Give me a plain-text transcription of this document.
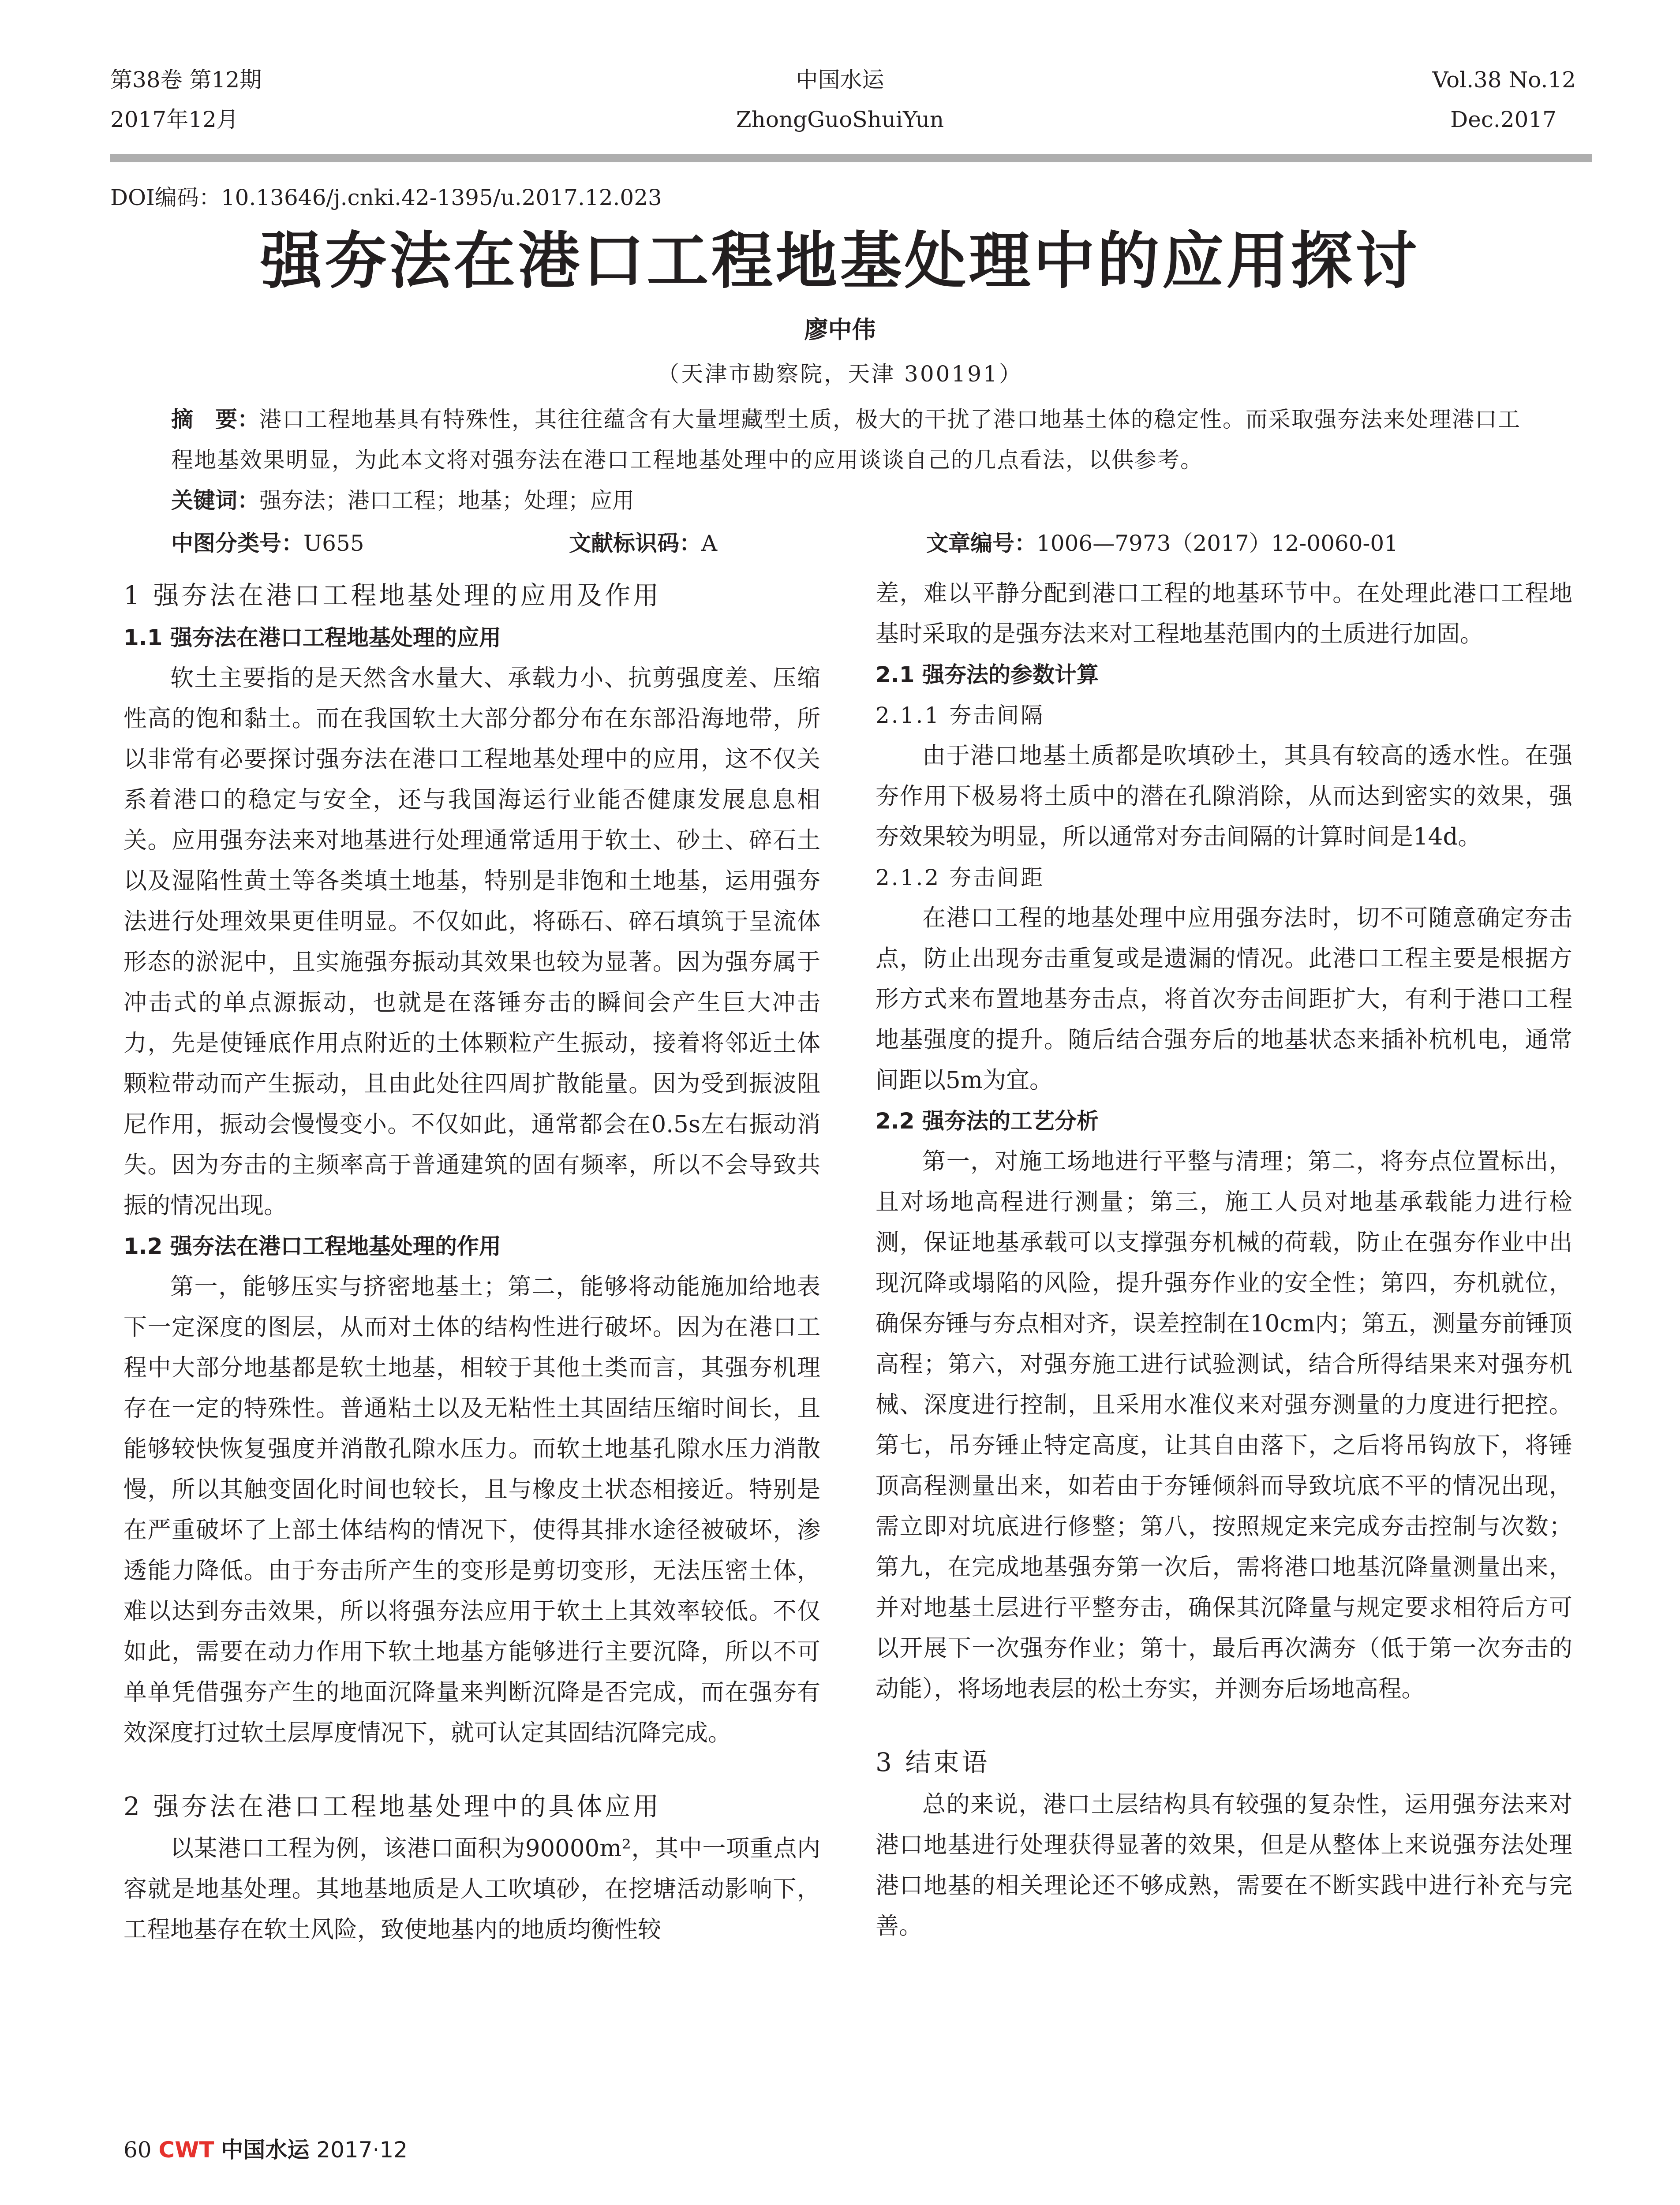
第38卷 第12期
2017年12月
中国水运
ZhongGuoShuiYun
Vol.38 No.12
Dec.2017
DOI编码：10.13646/j.cnki.42-1395/u.2017.12.023
强夯法在港口工程地基处理中的应用探讨
廖中伟
（天津市勘察院，天津 300191）
摘　要：港口工程地基具有特殊性，其往往蕴含有大量埋藏型土质，极大的干扰了港口地基土体的稳定性。而采取强夯法来处理港口工程地基效果明显，为此本文将对强夯法在港口工程地基处理中的应用谈谈自己的几点看法，以供参考。
关键词：强夯法；港口工程；地基；处理；应用
中图分类号：U655	文献标识码：A	文章编号：1006—7973（2017）12-0060-01
1 强夯法在港口工程地基处理的应用及作用
1.1 强夯法在港口工程地基处理的应用

软土主要指的是天然含水量大、承载力小、抗剪强度差、压缩性高的饱和黏土。而在我国软土大部分都分布在东部沿海地带，所以非常有必要探讨强夯法在港口工程地基处理中的应用，这不仅关系着港口的稳定与安全，还与我国海运行业能否健康发展息息相关。应用强夯法来对地基进行处理通常适用于软土、砂土、碎石土以及湿陷性黄土等各类填土地基，特别是非饱和土地基，运用强夯法进行处理效果更佳明显。不仅如此，将砾石、碎石填筑于呈流体形态的淤泥中，且实施强夯振动其效果也较为显著。因为强夯属于冲击式的单点源振动，也就是在落锤夯击的瞬间会产生巨大冲击力，先是使锤底作用点附近的土体颗粒产生振动，接着将邻近土体颗粒带动而产生振动，且由此处往四周扩散能量。因为受到振波阻尼作用，振动会慢慢变小。不仅如此，通常都会在0.5s左右振动消失。因为夯击的主频率高于普通建筑的固有频率，所以不会导致共振的情况出现。

1.2 强夯法在港口工程地基处理的作用

第一，能够压实与挤密地基土；第二，能够将动能施加给地表下一定深度的图层，从而对土体的结构性进行破坏。因为在港口工程中大部分地基都是软土地基，相较于其他土类而言，其强夯机理存在一定的特殊性。普通粘土以及无粘性土其固结压缩时间长，且能够较快恢复强度并消散孔隙水压力。而软土地基孔隙水压力消散慢，所以其触变固化时间也较长，且与橡皮土状态相接近。特别是在严重破坏了上部土体结构的情况下，使得其排水途径被破坏，渗透能力降低。由于夯击所产生的变形是剪切变形，无法压密土体，难以达到夯击效果，所以将强夯法应用于软土上其效率较低。不仅如此，需要在动力作用下软土地基方能够进行主要沉降，所以不可单单凭借强夯产生的地面沉降量来判断沉降是否完成，而在强夯有效深度打过软土层厚度情况下，就可认定其固结沉降完成。

2 强夯法在港口工程地基处理中的具体应用

以某港口工程为例，该港口面积为90000m²，其中一项重点内容就是地基处理。其地基地质是人工吹填砂，在挖塘活动影响下，工程地基存在软土风险，致使地基内的地质均衡性较

差，难以平静分配到港口工程的地基环节中。在处理此港口工程地基时采取的是强夯法来对工程地基范围内的土质进行加固。

2.1 强夯法的参数计算
2.1.1 夯击间隔

由于港口地基土质都是吹填砂土，其具有较高的透水性。在强夯作用下极易将土质中的潜在孔隙消除，从而达到密实的效果，强夯效果较为明显，所以通常对夯击间隔的计算时间是14d。

2.1.2 夯击间距

在港口工程的地基处理中应用强夯法时，切不可随意确定夯击点，防止出现夯击重复或是遗漏的情况。此港口工程主要是根据方形方式来布置地基夯击点，将首次夯击间距扩大，有利于港口工程地基强度的提升。随后结合强夯后的地基状态来插补杭机电，通常间距以5m为宜。

2.2 强夯法的工艺分析

第一，对施工场地进行平整与清理；第二，将夯点位置标出，且对场地高程进行测量；第三，施工人员对地基承载能力进行检测，保证地基承载可以支撑强夯机械的荷载，防止在强夯作业中出现沉降或塌陷的风险，提升强夯作业的安全性；第四，夯机就位，确保夯锤与夯点相对齐，误差控制在10cm内；第五，测量夯前锤顶高程；第六，对强夯施工进行试验测试，结合所得结果来对强夯机械、深度进行控制，且采用水准仪来对强夯测量的力度进行把控。第七，吊夯锤止特定高度，让其自由落下，之后将吊钩放下，将锤顶高程测量出来，如若由于夯锤倾斜而导致坑底不平的情况出现，需立即对坑底进行修整；第八，按照规定来完成夯击控制与次数；第九，在完成地基强夯第一次后，需将港口地基沉降量测量出来，并对地基土层进行平整夯击，确保其沉降量与规定要求相符后方可以开展下一次强夯作业；第十，最后再次满夯（低于第一次夯击的动能），将场地表层的松土夯实，并测夯后场地高程。

3 结束语

总的来说，港口土层结构具有较强的复杂性，运用强夯法来对港口地基进行处理获得显著的效果，但是从整体上来说强夯法处理港口地基的相关理论还不够成熟，需要在不断实践中进行补充与完善。

60 CWT 中国水运 2017·12
